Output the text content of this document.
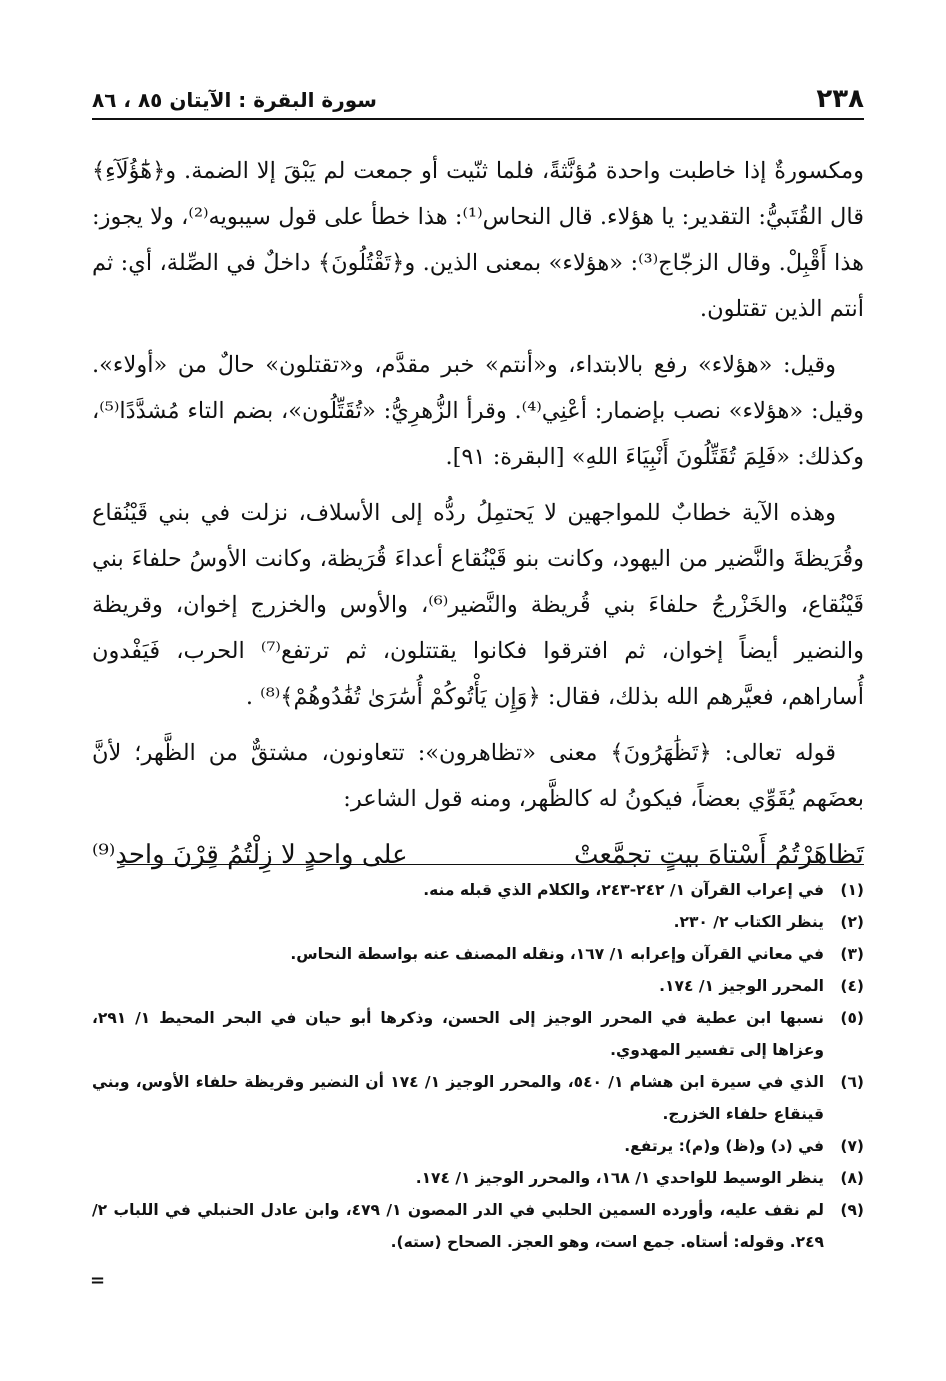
٢٣٨
سورة البقرة : الآيتان ٨٥ ، ٨٦

ومكسورةٌ إذا خاطبت واحدة مُؤنَّثةً، فلما ثنّيت أو جمعت لم يَبْقَ إلا الضمة. و﴿هَٰٓؤُلَآءِ﴾ قال القُتَبيُّ: التقدير: يا هؤلاء. قال النحاس⁽¹⁾: هذا خطأ على قول سيبويه⁽²⁾، ولا يجوز: هذا أَقْبِلْ. وقال الزجّاج⁽³⁾: «هؤلاء» بمعنى الذين. و﴿تَقْتُلُونَ﴾ داخلٌ في الصِّلة، أي: ثم أنتم الذين تقتلون.

وقيل: «هؤلاء» رفع بالابتداء، و«أنتم» خبر مقدَّم، و«تقتلون» حالٌ من «أولاء». وقيل: «هؤلاء» نصب بإضمار: أعْنِي⁽⁴⁾. وقرأ الزُّهرِيُّ: «تُقَتِّلُون»، بضم التاء مُشدَّدًا⁽⁵⁾، وكذلك: «فَلِمَ تُقَتِّلُونَ أَنْبِيَاءَ اللهِ» [البقرة: ٩١].

وهذه الآية خطابٌ للمواجهين لا يَحتمِلُ ردُّه إلى الأسلاف، نزلت في بني قَيْنُقاع وقُرَيظةَ والنَّضير من اليهود، وكانت بنو قَيْنُقاع أعداءَ قُرَيظة، وكانت الأوسُ حلفاءَ بني قَيْنُقاع، والخَزْرجُ حلفاءَ بني قُريظة والنَّضير⁽⁶⁾، والأوس والخزرج إخوان، وقريظة والنضير أيضاً إخوان، ثم افترقوا فكانوا يقتتلون، ثم ترتفع⁽⁷⁾ الحرب، فَيَفْدون أُساراهم، فعيَّرهم الله بذلك، فقال: ﴿وَإِن يَأْتُوكُمْ أُسَٰرَىٰ تُفَٰدُوهُمْ﴾⁽⁸⁾ .

قوله تعالى: ﴿تَظَٰهَرُونَ﴾ معنى «تظاهرون»: تتعاونون، مشتقٌّ من الظَّهر؛ لأنَّ بعضَهم يُقَوِّي بعضاً، فيكونُ له كالظَّهر، ومنه قول الشاعر:

تَظاهَرْتُمُ أَسْتاهَ بيتٍ تجمَّعتْ
على واحدٍ لا زِلْتُمُ قِرْنَ واحدِ⁽⁹⁾
(١)
في إعراب القرآن ١/ ٢٤٢-٢٤٣، والكلام الذي قبله منه.
(٢)
ينظر الكتاب ٢/ ٢٣٠.
(٣)
في معاني القرآن وإعرابه ١/ ١٦٧، ونقله المصنف عنه بواسطة النحاس.
(٤)
المحرر الوجيز ١/ ١٧٤.
(٥)
نسبها ابن عطية في المحرر الوجيز إلى الحسن، وذكرها أبو حيان في البحر المحيط ١/ ٢٩١، وعزاها إلى تفسير المهدوي.
(٦)
الذي في سيرة ابن هشام ١/ ٥٤٠، والمحرر الوجيز ١/ ١٧٤ أن النضير وقريظة حلفاء الأوس، وبني قينقاع حلفاء الخزرج.
(٧)
في (د) و(ظ) و(م): يرتفع.
(٨)
ينظر الوسيط للواحدي ١/ ١٦٨، والمحرر الوجيز ١/ ١٧٤.
(٩)
لم نقف عليه، وأورده السمين الحلبي في الدر المصون ١/ ٤٧٩، وابن عادل الحنبلي في اللباب ٢/ ٢٤٩. وقوله: أستاه. جمع است، وهو العجز. الصحاح (سته).
=
